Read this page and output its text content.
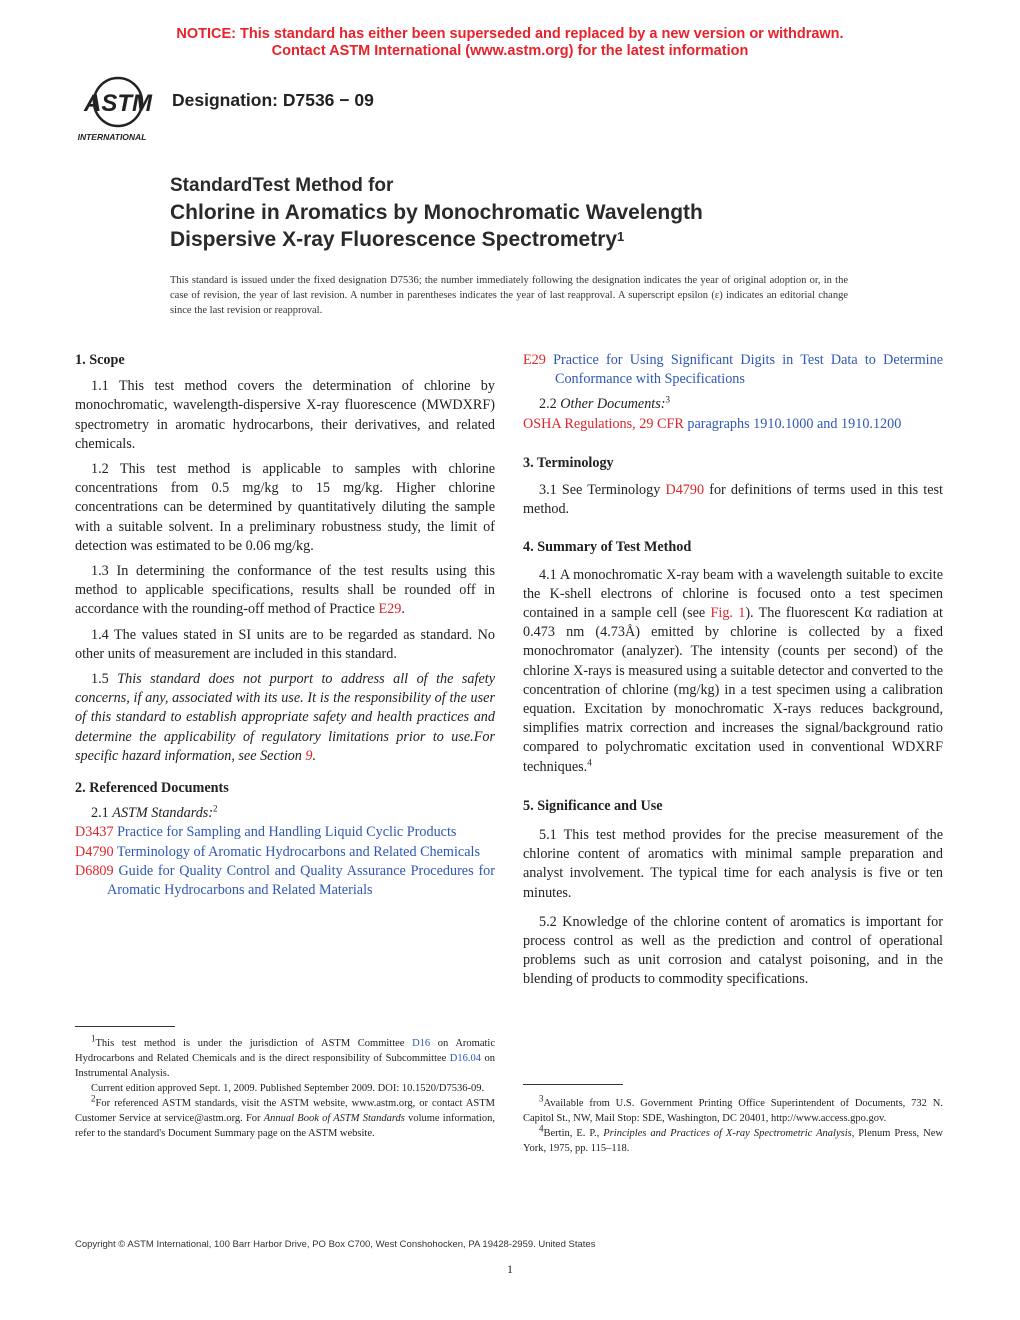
NOTICE: This standard has either been superseded and replaced by a new version or withdrawn.
Contact ASTM International (www.astm.org) for the latest information
ASTM
INTERNATIONAL
Designation: D7536 − 09
StandardTest Method for
Chlorine in Aromatics by Monochromatic Wavelength
Dispersive X-ray Fluorescence Spectrometry$^1$
This standard is issued under the fixed designation D7536; the number immediately following the designation indicates the year of original adoption or, in the case of revision, the year of last revision. A number in parentheses indicates the year of last reapproval. A superscript epsilon (ε) indicates an editorial change since the last revision or reapproval.

1. Scope

1.1 This test method covers the determination of chlorine by monochromatic, wavelength-dispersive X-ray fluorescence (MWDXRF) spectrometry in aromatic hydrocarbons, their derivatives, and related chemicals.

1.2 This test method is applicable to samples with chlorine concentrations from 0.5 mg/kg to 15 mg/kg. Higher chlorine concentrations can be determined by quantitatively diluting the sample with a suitable solvent. In a preliminary robustness study, the limit of detection was estimated to be 0.06 mg/kg.

1.3 In determining the conformance of the test results using this method to applicable specifications, results shall be rounded off in accordance with the rounding-off method of Practice E29.

1.4 The values stated in SI units are to be regarded as standard. No other units of measurement are included in this standard.

1.5 This standard does not purport to address all of the safety concerns, if any, associated with its use. It is the responsibility of the user of this standard to establish appropriate safety and health practices and determine the applicability of regulatory limitations prior to use.For specific hazard information, see Section 9.

2. Referenced Documents

2.1 ASTM Standards:$^2$

D3437 Practice for Sampling and Handling Liquid Cyclic Products

D4790 Terminology of Aromatic Hydrocarbons and Related Chemicals

D6809 Guide for Quality Control and Quality Assurance Procedures for Aromatic Hydrocarbons and Related Materials

$^1$This test method is under the jurisdiction of ASTM Committee D16 on Aromatic Hydrocarbons and Related Chemicals and is the direct responsibility of Subcommittee D16.04 on Instrumental Analysis.

Current edition approved Sept. 1, 2009. Published September 2009. DOI: 10.1520/D7536-09.

$^2$For referenced ASTM standards, visit the ASTM website, www.astm.org, or contact ASTM Customer Service at service@astm.org. For Annual Book of ASTM Standards volume information, refer to the standard's Document Summary page on the ASTM website.

E29 Practice for Using Significant Digits in Test Data to Determine Conformance with Specifications

2.2 Other Documents:$^3$

OSHA Regulations, 29 CFR paragraphs 1910.1000 and 1910.1200

3. Terminology

3.1 See Terminology D4790 for definitions of terms used in this test method.

4. Summary of Test Method

4.1 A monochromatic X-ray beam with a wavelength suitable to excite the K-shell electrons of chlorine is focused onto a test specimen contained in a sample cell (see Fig. 1). The fluorescent Kα radiation at 0.473 nm (4.73Å) emitted by chlorine is collected by a fixed monochromator (analyzer). The intensity (counts per second) of the chlorine X-rays is measured using a suitable detector and converted to the concentration of chlorine (mg/kg) in a test specimen using a calibration equation. Excitation by monochromatic X-rays reduces background, simplifies matrix correction and increases the signal/background ratio compared to polychromatic excitation used in conventional WDXRF techniques.$^4$

5. Significance and Use

5.1 This test method provides for the precise measurement of the chlorine content of aromatics with minimal sample preparation and analyst involvement. The typical time for each analysis is five or ten minutes.

5.2 Knowledge of the chlorine content of aromatics is important for process control as well as the prediction and control of operational problems such as unit corrosion and catalyst poisoning, and in the blending of products to commodity specifications.

$^3$Available from U.S. Government Printing Office Superintendent of Documents, 732 N. Capitol St., NW, Mail Stop: SDE, Washington, DC 20401, http://www.access.gpo.gov.

$^4$Bertin, E. P., Principles and Practices of X-ray Spectrometric Analysis, Plenum Press, New York, 1975, pp. 115–118.

Copyright © ASTM International, 100 Barr Harbor Drive, PO Box C700, West Conshohocken, PA 19428-2959. United States
1
